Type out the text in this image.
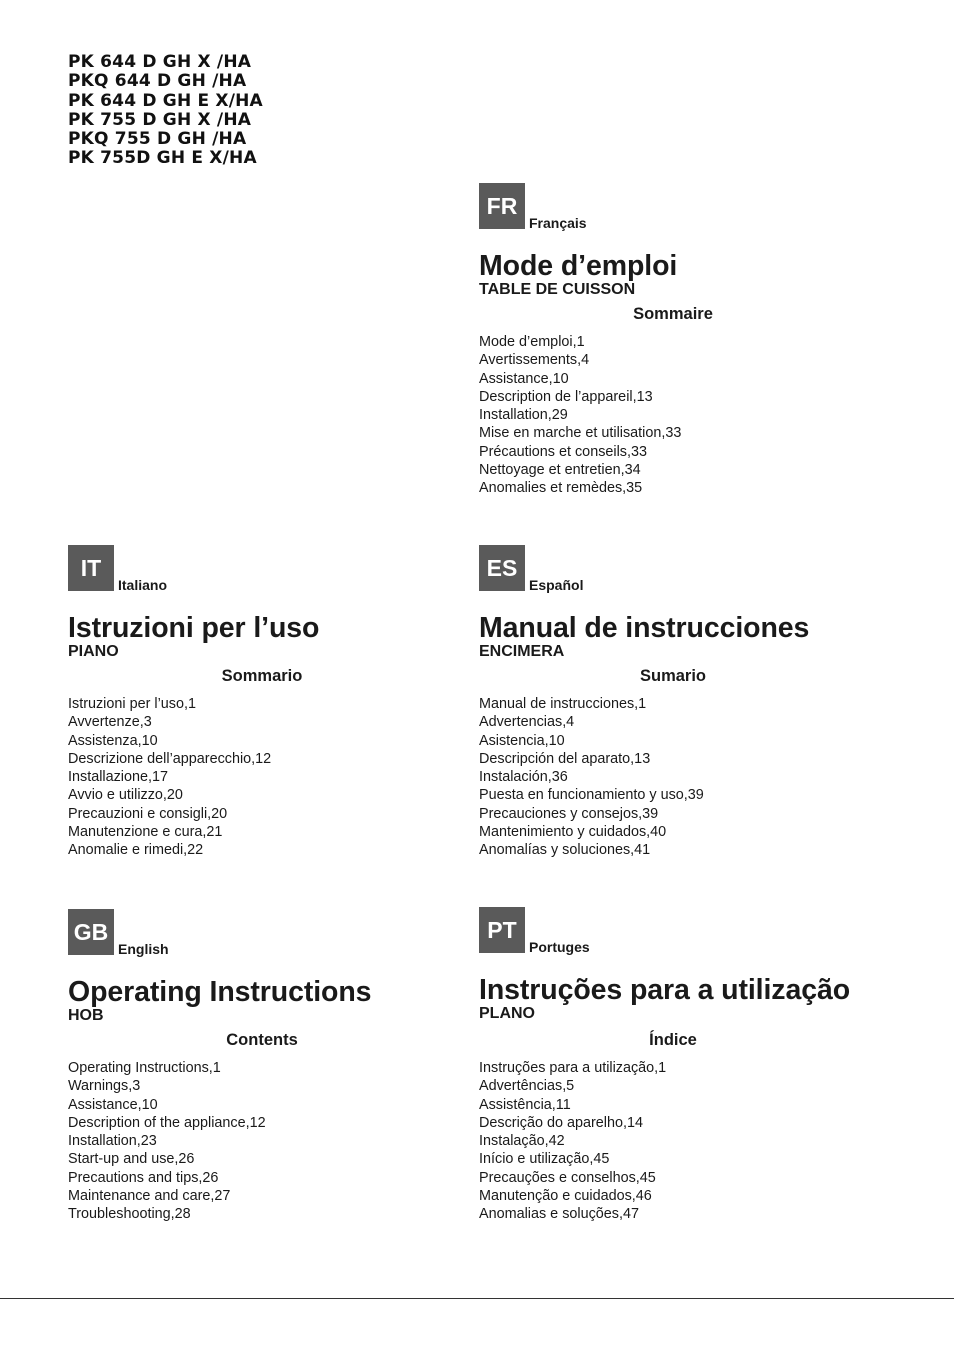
PK 644 D GH X /HA
PKQ 644 D GH /HA
PK 644 D GH E X/HA
PK 755 D GH X /HA
PKQ 755 D GH /HA
PK 755D GH E X/HA
FR
Français
Mode d’emploi
TABLE DE CUISSON
Sommaire
Mode d’emploi,1
Avertissements,4
Assistance,10
Description de l’appareil,13
Installation,29
Mise en marche et utilisation,33
Précautions et conseils,33
Nettoyage et entretien,34
Anomalies et remèdes,35
IT
Italiano
Istruzioni per l’uso
PIANO
Sommario
Istruzioni per l’uso,1
Avvertenze,3
Assistenza,10
Descrizione dell’apparecchio,12
Installazione,17
Avvio e utilizzo,20
Precauzioni e consigli,20
Manutenzione e cura,21
Anomalie e rimedi,22
ES
Español
Manual de instrucciones
ENCIMERA
Sumario
Manual de instrucciones,1
Advertencias,4
Asistencia,10
Descripción del aparato,13
Instalación,36
Puesta en funcionamiento y uso,39
Precauciones y consejos,39
Mantenimiento y cuidados,40
Anomalías y soluciones,41
GB
English
Operating Instructions
HOB
Contents
Operating Instructions,1
Warnings,3
Assistance,10
Description of the appliance,12
Installation,23
Start-up and use,26
Precautions and tips,26
Maintenance and care,27
Troubleshooting,28
PT
Portuges
Instruções para a utilização
PLANO
Índice
Instruções para a utilização,1
Advertências,5
Assistência,11
Descrição do aparelho,14
Instalação,42
Início e utilização,45
Precauções e conselhos,45
Manutenção e cuidados,46
Anomalias e soluções,47
